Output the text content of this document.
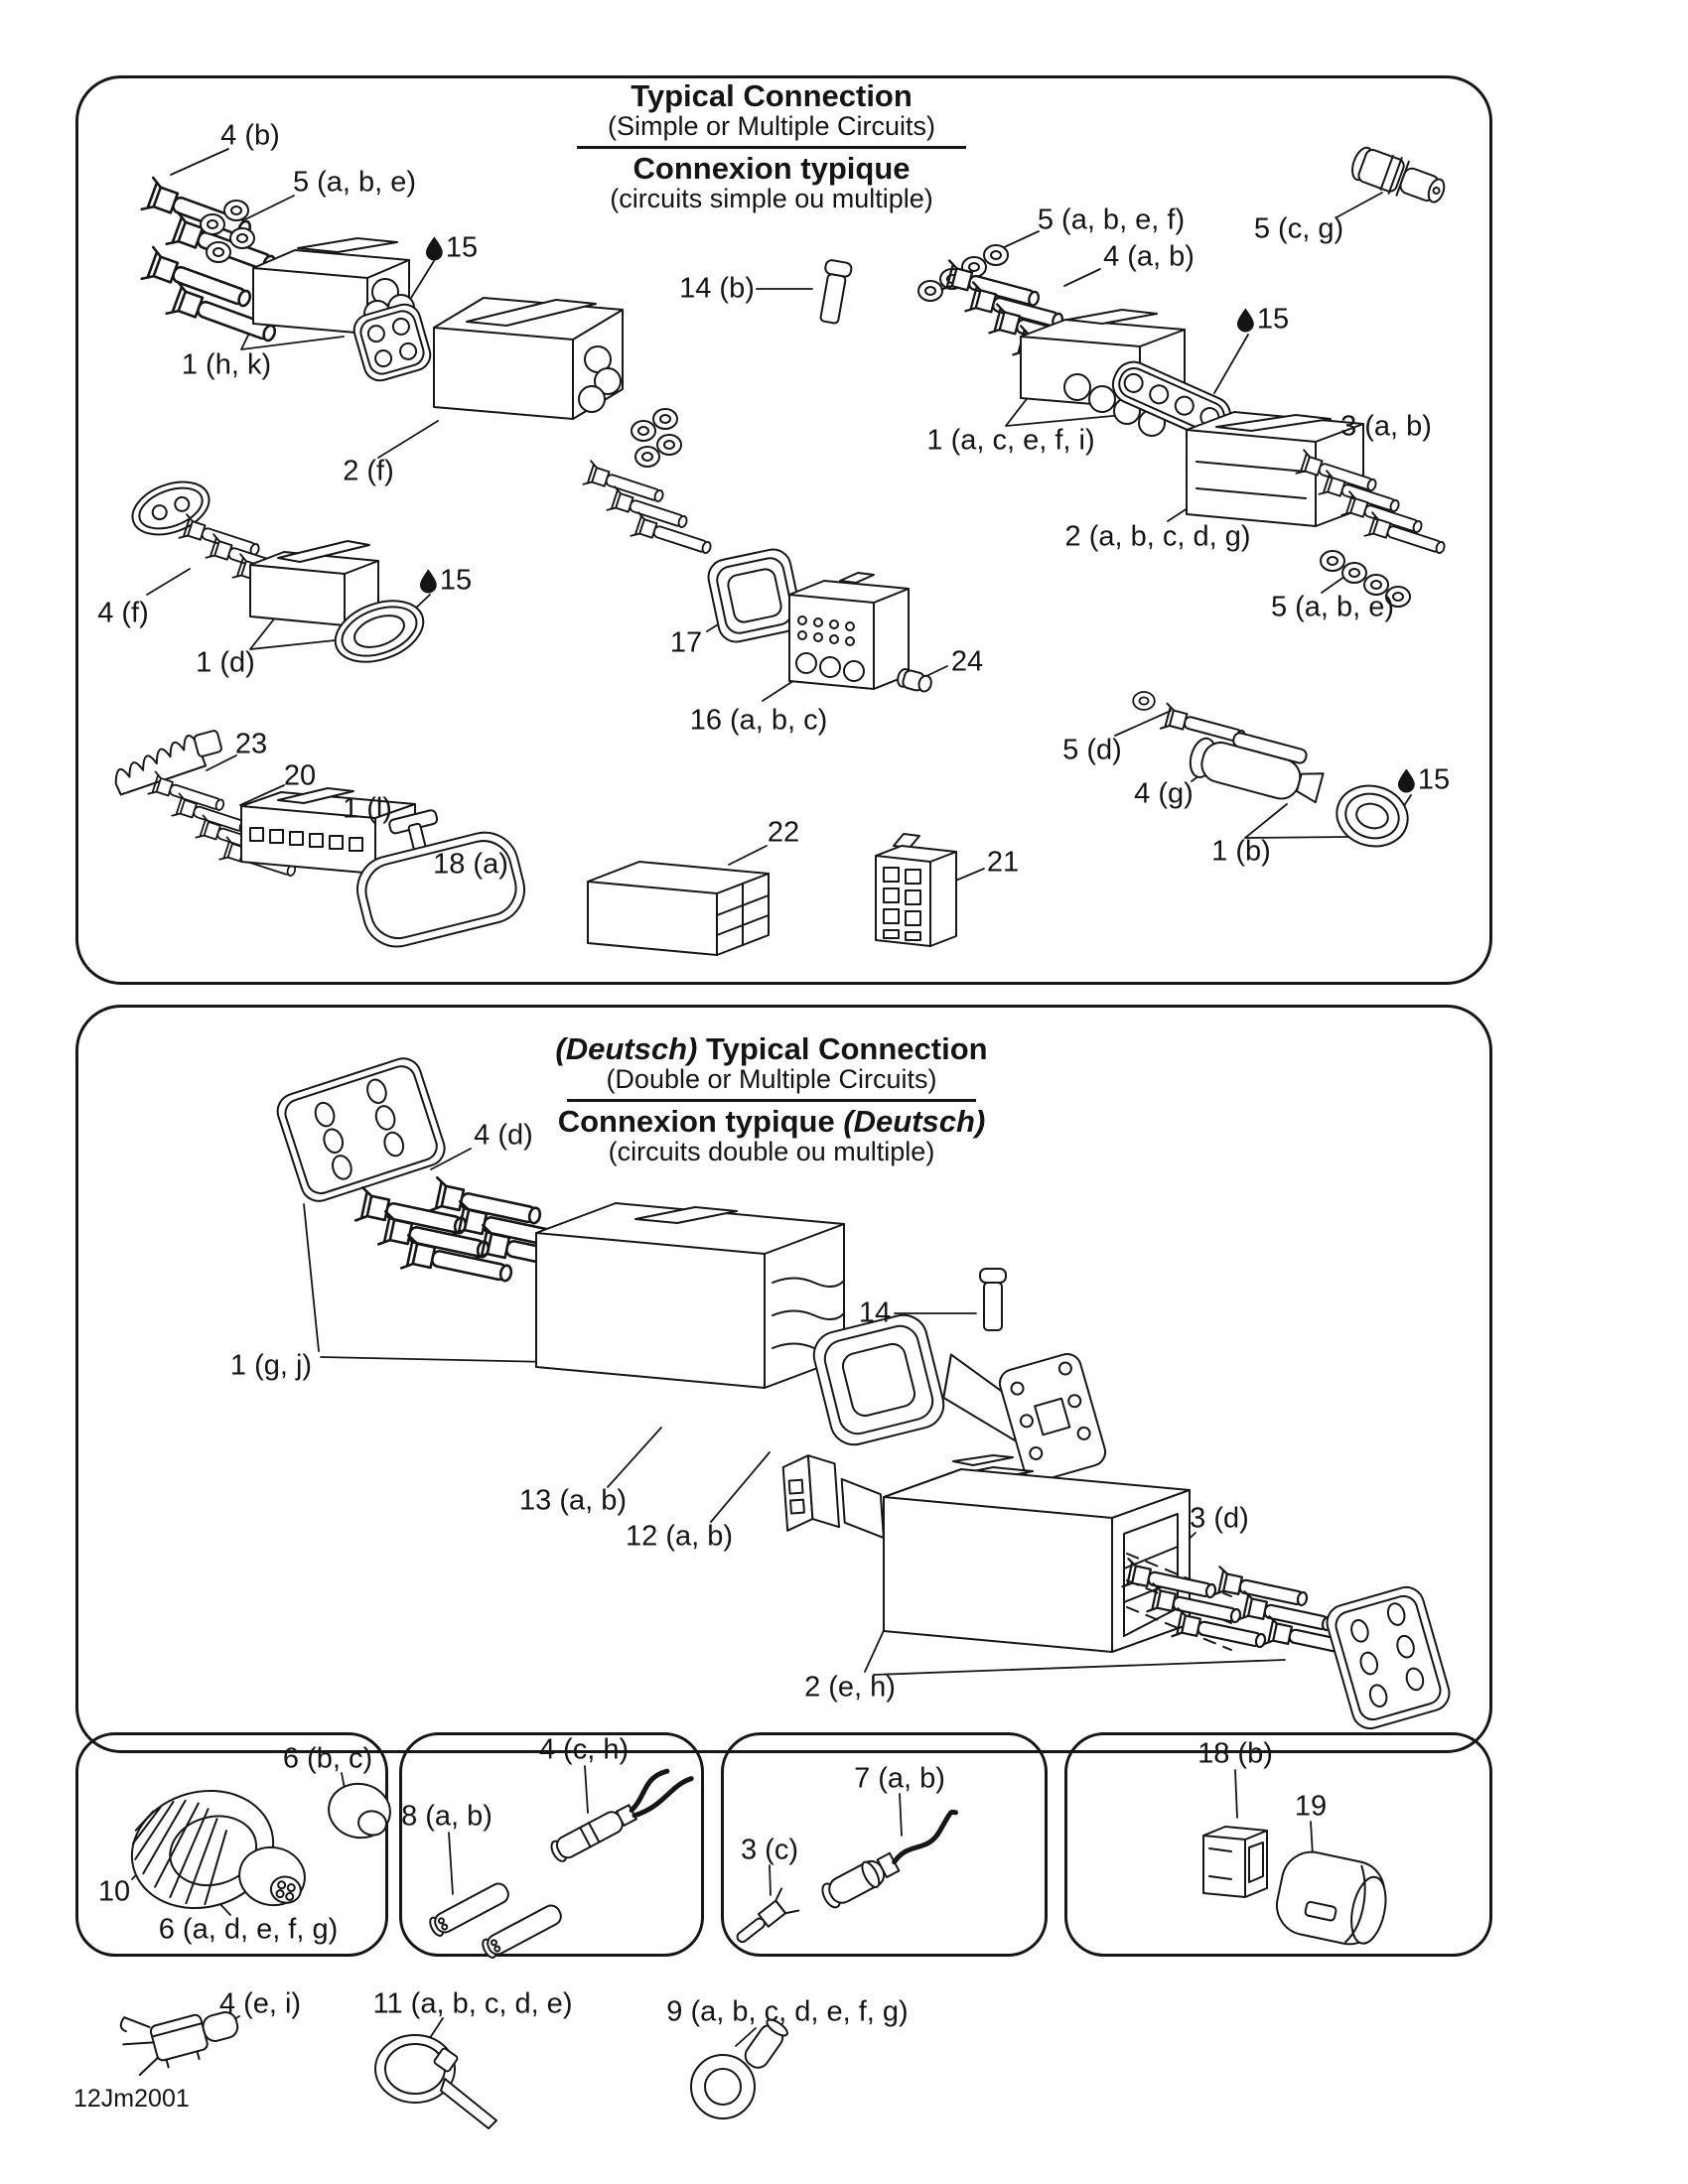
Typical Connection
(Simple or Multiple Circuits)
Connexion typique
(circuits simple ou multiple)
(Deutsch) Typical Connection
(Double or Multiple Circuits)
Connexion typique (Deutsch)
(circuits double ou multiple)
4 (b)
5 (a, b, e)
15
1 (h, k)
2 (f)
14 (b)
5 (a, b, e, f)
4 (a, b)
5 (c, g)
15
1 (a, c, e, f, i)	3 (a, b)
2 (a, b, c, d, g)
5 (a, b, e)
4 (f)
1 (d)
15
17
16 (a, b, c)
24
5 (d)
4 (g)	15
1 (b)
23
20
1 (l)
18 (a)
22
21
4 (d)
1 (g, j)
14
13 (a, b)
12 (a, b)
3 (d)
2 (e, h)
6 (b, c)
10
6 (a, d, e, f, g)
4 (c, h)
8 (a, b)
7 (a, b)
3 (c)
18 (b)
19
4 (e, i) 11 (a, b, c, d, e)	9 (a, b, c, d, e, f, g)
12Jm2001
